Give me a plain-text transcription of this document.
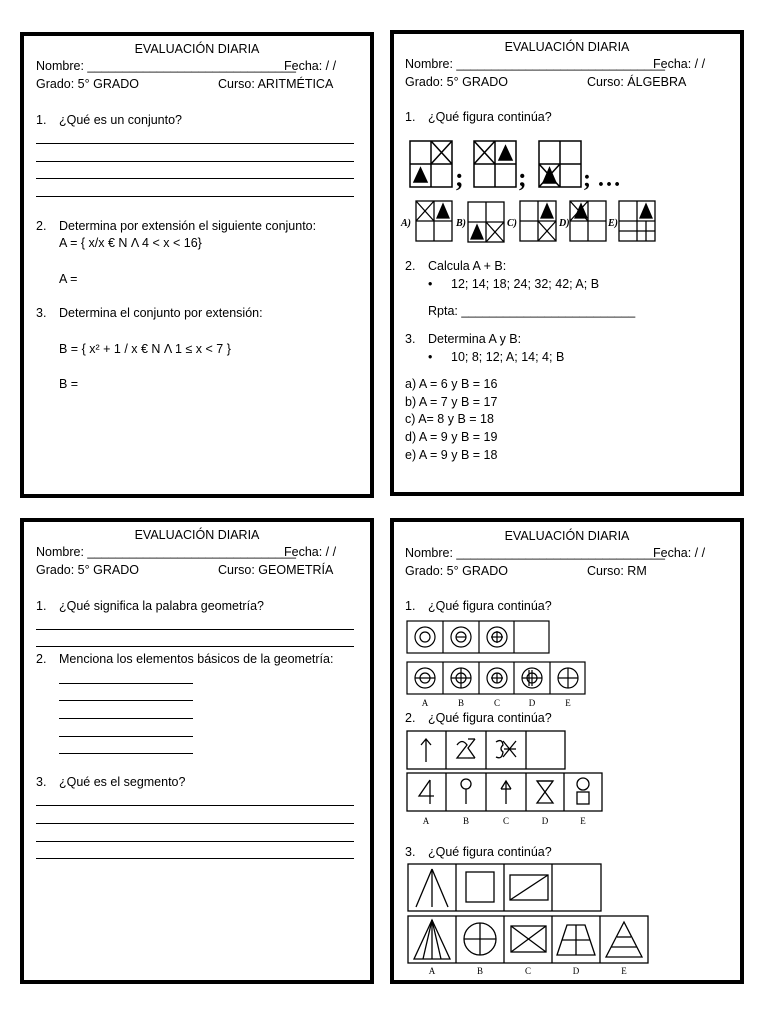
EVALUACIÓN DIARIA
Nombre: ______________________________
Fecha: / /
Grado: 5° GRADO	Curso: ARITMÉTICA
1. ¿Qué es un conjunto?
2. Determina por extensión el siguiente conjunto:
A = { x/x € N Λ 4 < x < 16}
A =
3. Determina el conjunto por extensión:
B = { x² + 1 / x € N Λ 1 ≤ x < 7 }
B =
EVALUACIÓN DIARIA
Nombre: ______________________________
Fecha: / /
Grado: 5° GRADO	Curso: ÁLGEBRA
1. ¿Qué figura continúa?
; ; ; …
A)	B)	C)	D)	E)
2. Calcula A + B:
• 12; 14; 18; 24; 32; 42; A; B
Rpta: _________________________
3. Determina A y B:
• 10; 8; 12; A; 14; 4; B
a) A = 6 y B = 16
b) A = 7 y B = 17
c) A= 8 y B = 18
d) A = 9 y B = 19
e) A = 9 y B = 18
EVALUACIÓN DIARIA
Nombre: ______________________________
Fecha: / /
Grado: 5° GRADO	Curso: GEOMETRÍA
1. ¿Qué significa la palabra geometría?
2. Menciona los elementos básicos de la geometría:
3. ¿Qué es el segmento?
EVALUACIÓN DIARIA
Nombre: ______________________________
Fecha: / /
Grado: 5° GRADO	Curso: RM
1. ¿Qué figura continúa?
A	B	C	D	E
2. ¿Qué figura continúa?
A	B	C	D	E
3. ¿Qué figura continúa?
A	B	C	D	E
